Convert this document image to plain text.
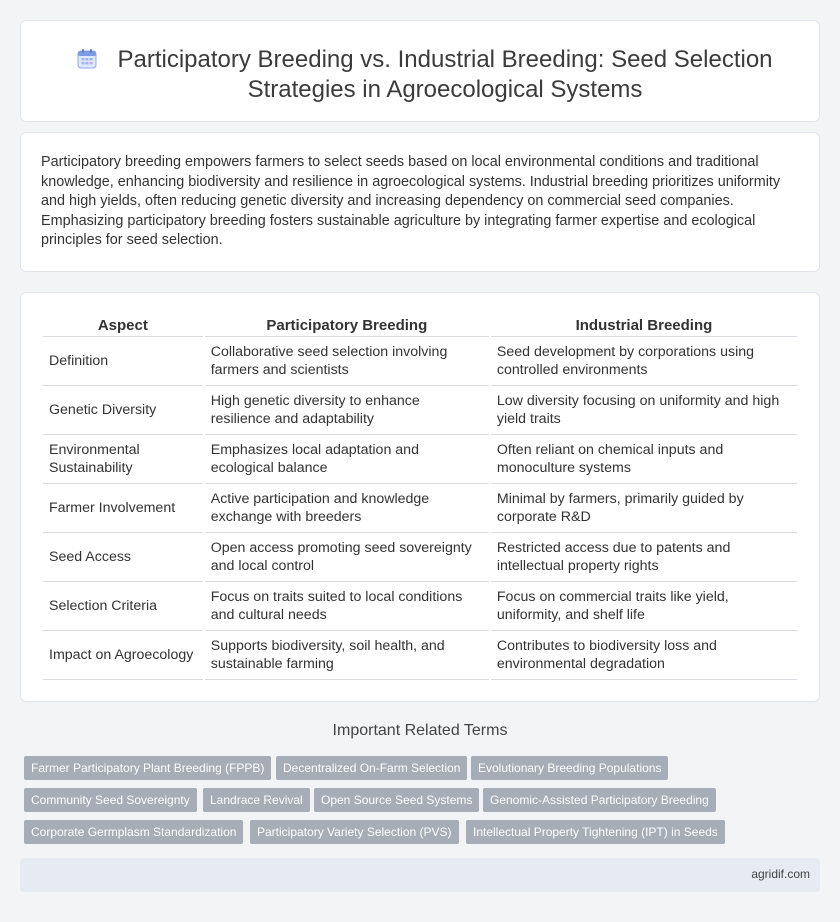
Participatory Breeding vs. Industrial Breeding: Seed Selection Strategies in Agroecological Systems

Participatory breeding empowers farmers to select seeds based on local environmental conditions and traditional knowledge, enhancing biodiversity and resilience in agroecological systems. Industrial breeding prioritizes uniformity and high yields, often reducing genetic diversity and increasing dependency on commercial seed companies. Emphasizing participatory breeding fosters sustainable agriculture by integrating farmer expertise and ecological principles for seed selection.

Aspect	Participatory Breeding	Industrial Breeding
Definition	Collaborative seed selection involving farmers and scientists	Seed development by corporations using controlled environments
Genetic Diversity	High genetic diversity to enhance resilience and adaptability	Low diversity focusing on uniformity and high yield traits
Environmental Sustainability	Emphasizes local adaptation and ecological balance	Often reliant on chemical inputs and monoculture systems
Farmer Involvement	Active participation and knowledge exchange with breeders	Minimal by farmers, primarily guided by corporate R&D
Seed Access	Open access promoting seed sovereignty and local control	Restricted access due to patents and intellectual property rights
Selection Criteria	Focus on traits suited to local conditions and cultural needs	Focus on commercial traits like yield, uniformity, and shelf life
Impact on Agroecology	Supports biodiversity, soil health, and sustainable farming	Contributes to biodiversity loss and environmental degradation
Important Related Terms
Farmer Participatory Plant Breeding (FPPB)	Decentralized On-Farm Selection	Evolutionary Breeding Populations
Community Seed Sovereignty	Landrace Revival	Open Source Seed Systems	Genomic-Assisted Participatory Breeding
Corporate Germplasm Standardization	Participatory Variety Selection (PVS)	Intellectual Property Tightening (IPT) in Seeds
agridif.com
